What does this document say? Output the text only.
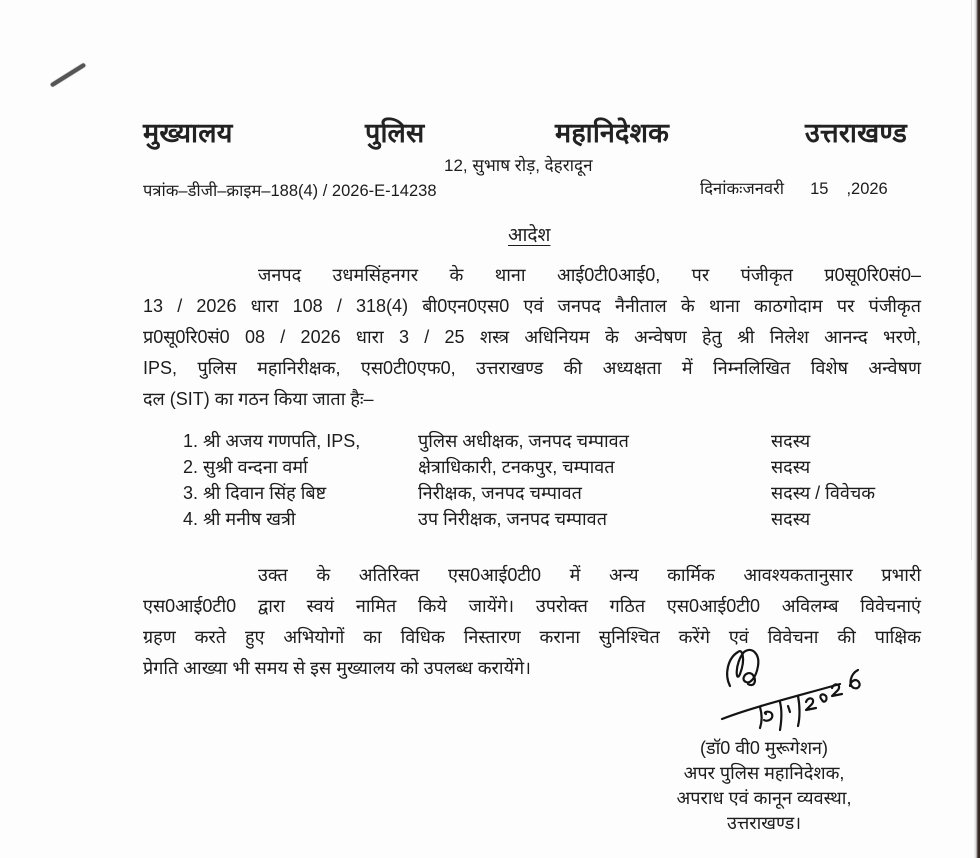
मुख्यालय	पुलिस	महानिदेशक	उत्तराखण्ड
12, सुभाष रोड़, देहरादून
पत्रांक–डीजी–क्राइम–188(4) / 2026-E-14238	दिनांकःजनवरी 15 ,2026
आदेश
जनपद उधमसिंहनगर के थाना आई0टी0आई0, पर पंजीकृत प्र0सू0रि0सं0–
13 / 2026 धारा 108 / 318(4) बी0एन0एस0 एवं जनपद नैनीताल के थाना काठगोदाम पर पंजीकृत
प्र0सू0रि0सं0 08 / 2026 धारा 3 / 25 शस्त्र अधिनियम के अन्वेषण हेतु श्री निलेश आनन्द भरणे,
IPS, पुलिस महानिरीक्षक, एस0टी0एफ0, उत्तराखण्ड की अध्यक्षता में निम्नलिखित विशेष अन्वेषण
दल (SIT) का गठन किया जाता हैः–
1. श्री अजय गणपति, IPS,	पुलिस अधीक्षक, जनपद चम्पावत	सदस्य
2. सुश्री वन्दना वर्मा	क्षेत्राधिकारी, टनकपुर, चम्पावत	सदस्य
3. श्री दिवान सिंह बिष्ट	निरीक्षक, जनपद चम्पावत	सदस्य / विवेचक
4. श्री मनीष खत्री	उप निरीक्षक, जनपद चम्पावत	सदस्य
उक्त के अतिरिक्त एस0आई0टी0 में अन्य कार्मिक आवश्यकतानुसार प्रभारी
एस0आई0टी0 द्वारा स्वयं नामित किये जायेंगे। उपरोक्त गठित एस0आई0टी0 अविलम्ब विवेचनाएं
ग्रहण करते हुए अभियोगों का विधिक निस्तारण कराना सुनिश्चित करेंगे एवं विवेचना की पाक्षिक
प्रेगति आख्या भी समय से इस मुख्यालय को उपलब्ध करायेंगे।
(डॉ0 वी0 मुरूगेशन)
अपर पुलिस महानिदेशक,
अपराध एवं कानून व्यवस्था,
उत्तराखण्ड।
